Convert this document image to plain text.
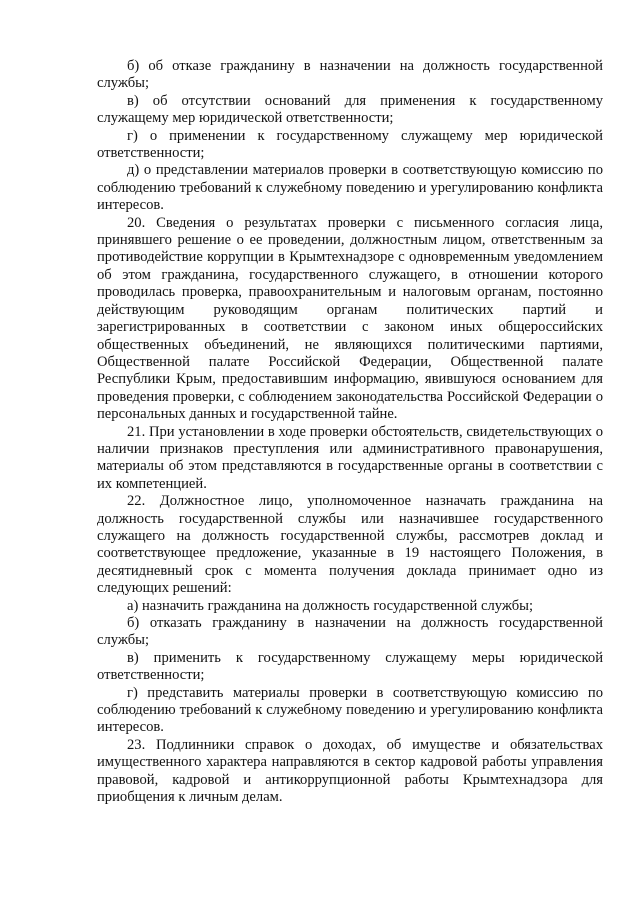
б) об отказе гражданину в назначении на должность государственной службы;

в) об отсутствии оснований для применения к государственному служащему мер юридической ответственности;

г) о применении к государственному служащему мер юридической ответственности;

д) о представлении материалов проверки в соответствующую комиссию по соблюдению требований к служебному поведению и урегулированию конфликта интересов.

20. Сведения о результатах проверки с письменного согласия лица, принявшего решение о ее проведении, должностным лицом, ответственным за противодействие коррупции в Крымтехнадзоре с одновременным уведомлением об этом гражданина, государственного служащего, в отношении которого проводилась проверка, правоохранительным и налоговым органам, постоянно действующим руководящим органам политических партий и зарегистрированных в соответствии с законом иных общероссийских общественных объединений, не являющихся политическими партиями, Общественной палате Российской Федерации, Общественной палате Республики Крым, предоставившим информацию, явившуюся основанием для проведения проверки, с соблюдением законодательства Российской Федерации о персональных данных и государственной тайне.

21. При установлении в ходе проверки обстоятельств, свидетельствующих о наличии признаков преступления или административного правонарушения, материалы об этом представляются в государственные органы в соответствии с их компетенцией.

22. Должностное лицо, уполномоченное назначать гражданина на должность государственной службы или назначившее государственного служащего на должность государственной службы, рассмотрев доклад и соответствующее предложение, указанные в 19 настоящего Положения, в десятидневный срок с момента получения доклада принимает одно из следующих решений:

а) назначить гражданина на должность государственной службы;

б) отказать гражданину в назначении на должность государственной службы;

в) применить к государственному служащему меры юридической ответственности;

г) представить материалы проверки в соответствующую комиссию по соблюдению требований к служебному поведению и урегулированию конфликта интересов.

23. Подлинники справок о доходах, об имуществе и обязательствах имущественного характера направляются в сектор кадровой работы управления правовой, кадровой и антикоррупционной работы Крымтехнадзора для приобщения к личным делам.
